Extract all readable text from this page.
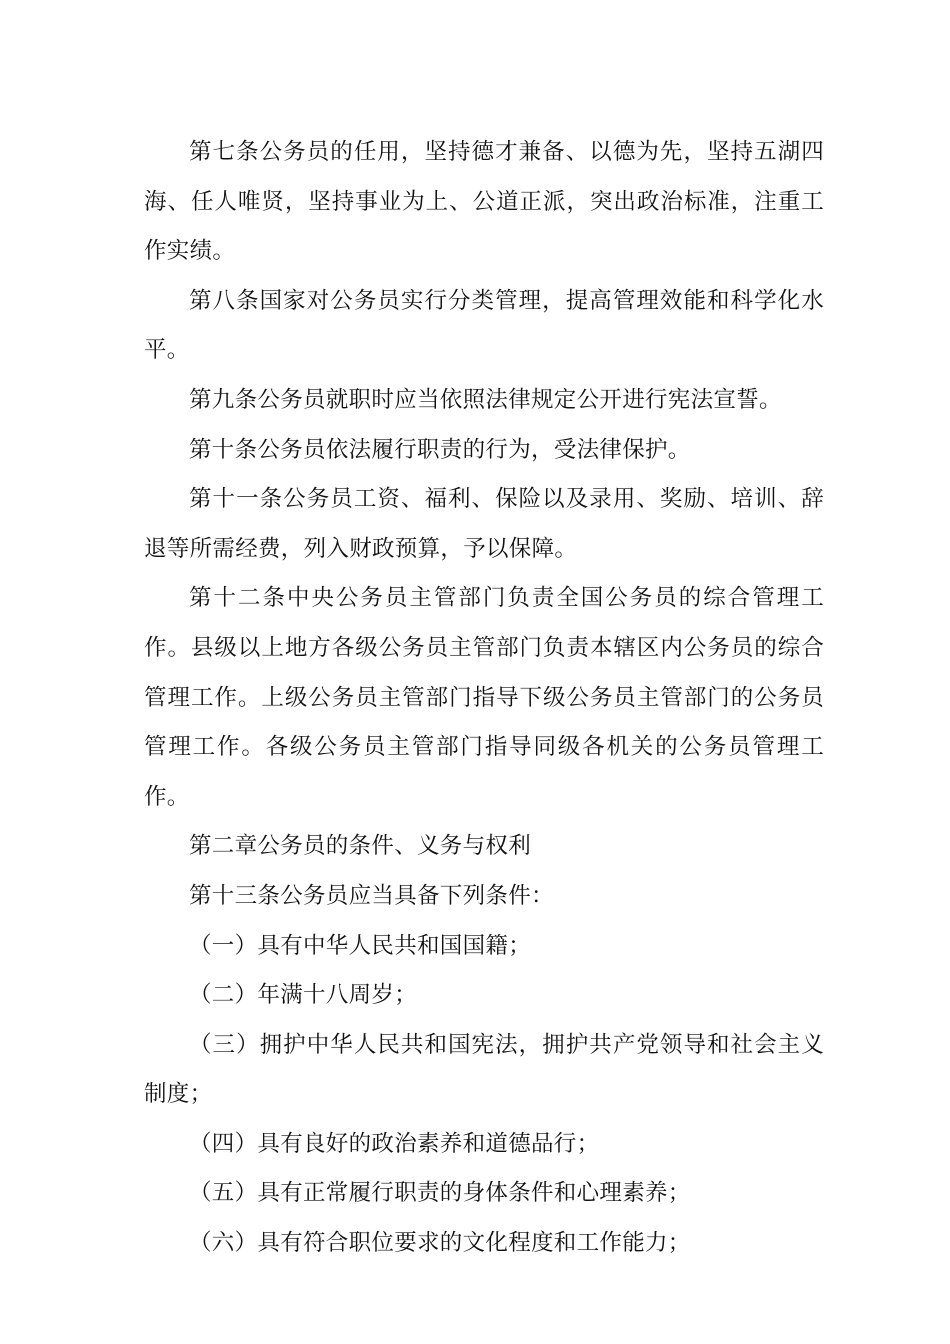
第七条公务员的任用，坚持德才兼备、以德为先，坚持五湖四海、任人唯贤，坚持事业为上、公道正派，突出政治标准，注重工作实绩。

第八条国家对公务员实行分类管理，提高管理效能和科学化水平。

第九条公务员就职时应当依照法律规定公开进行宪法宣誓。

第十条公务员依法履行职责的行为，受法律保护。

第十一条公务员工资、福利、保险以及录用、奖励、培训、辞退等所需经费，列入财政预算，予以保障。

第十二条中央公务员主管部门负责全国公务员的综合管理工作。县级以上地方各级公务员主管部门负责本辖区内公务员的综合管理工作。上级公务员主管部门指导下级公务员主管部门的公务员管理工作。各级公务员主管部门指导同级各机关的公务员管理工作。

第二章公务员的条件、义务与权利

第十三条公务员应当具备下列条件：

（一）具有中华人民共和国国籍；

（二）年满十八周岁；

（三）拥护中华人民共和国宪法，拥护共产党领导和社会主义制度；

（四）具有良好的政治素养和道德品行；

（五）具有正常履行职责的身体条件和心理素养；

（六）具有符合职位要求的文化程度和工作能力；
